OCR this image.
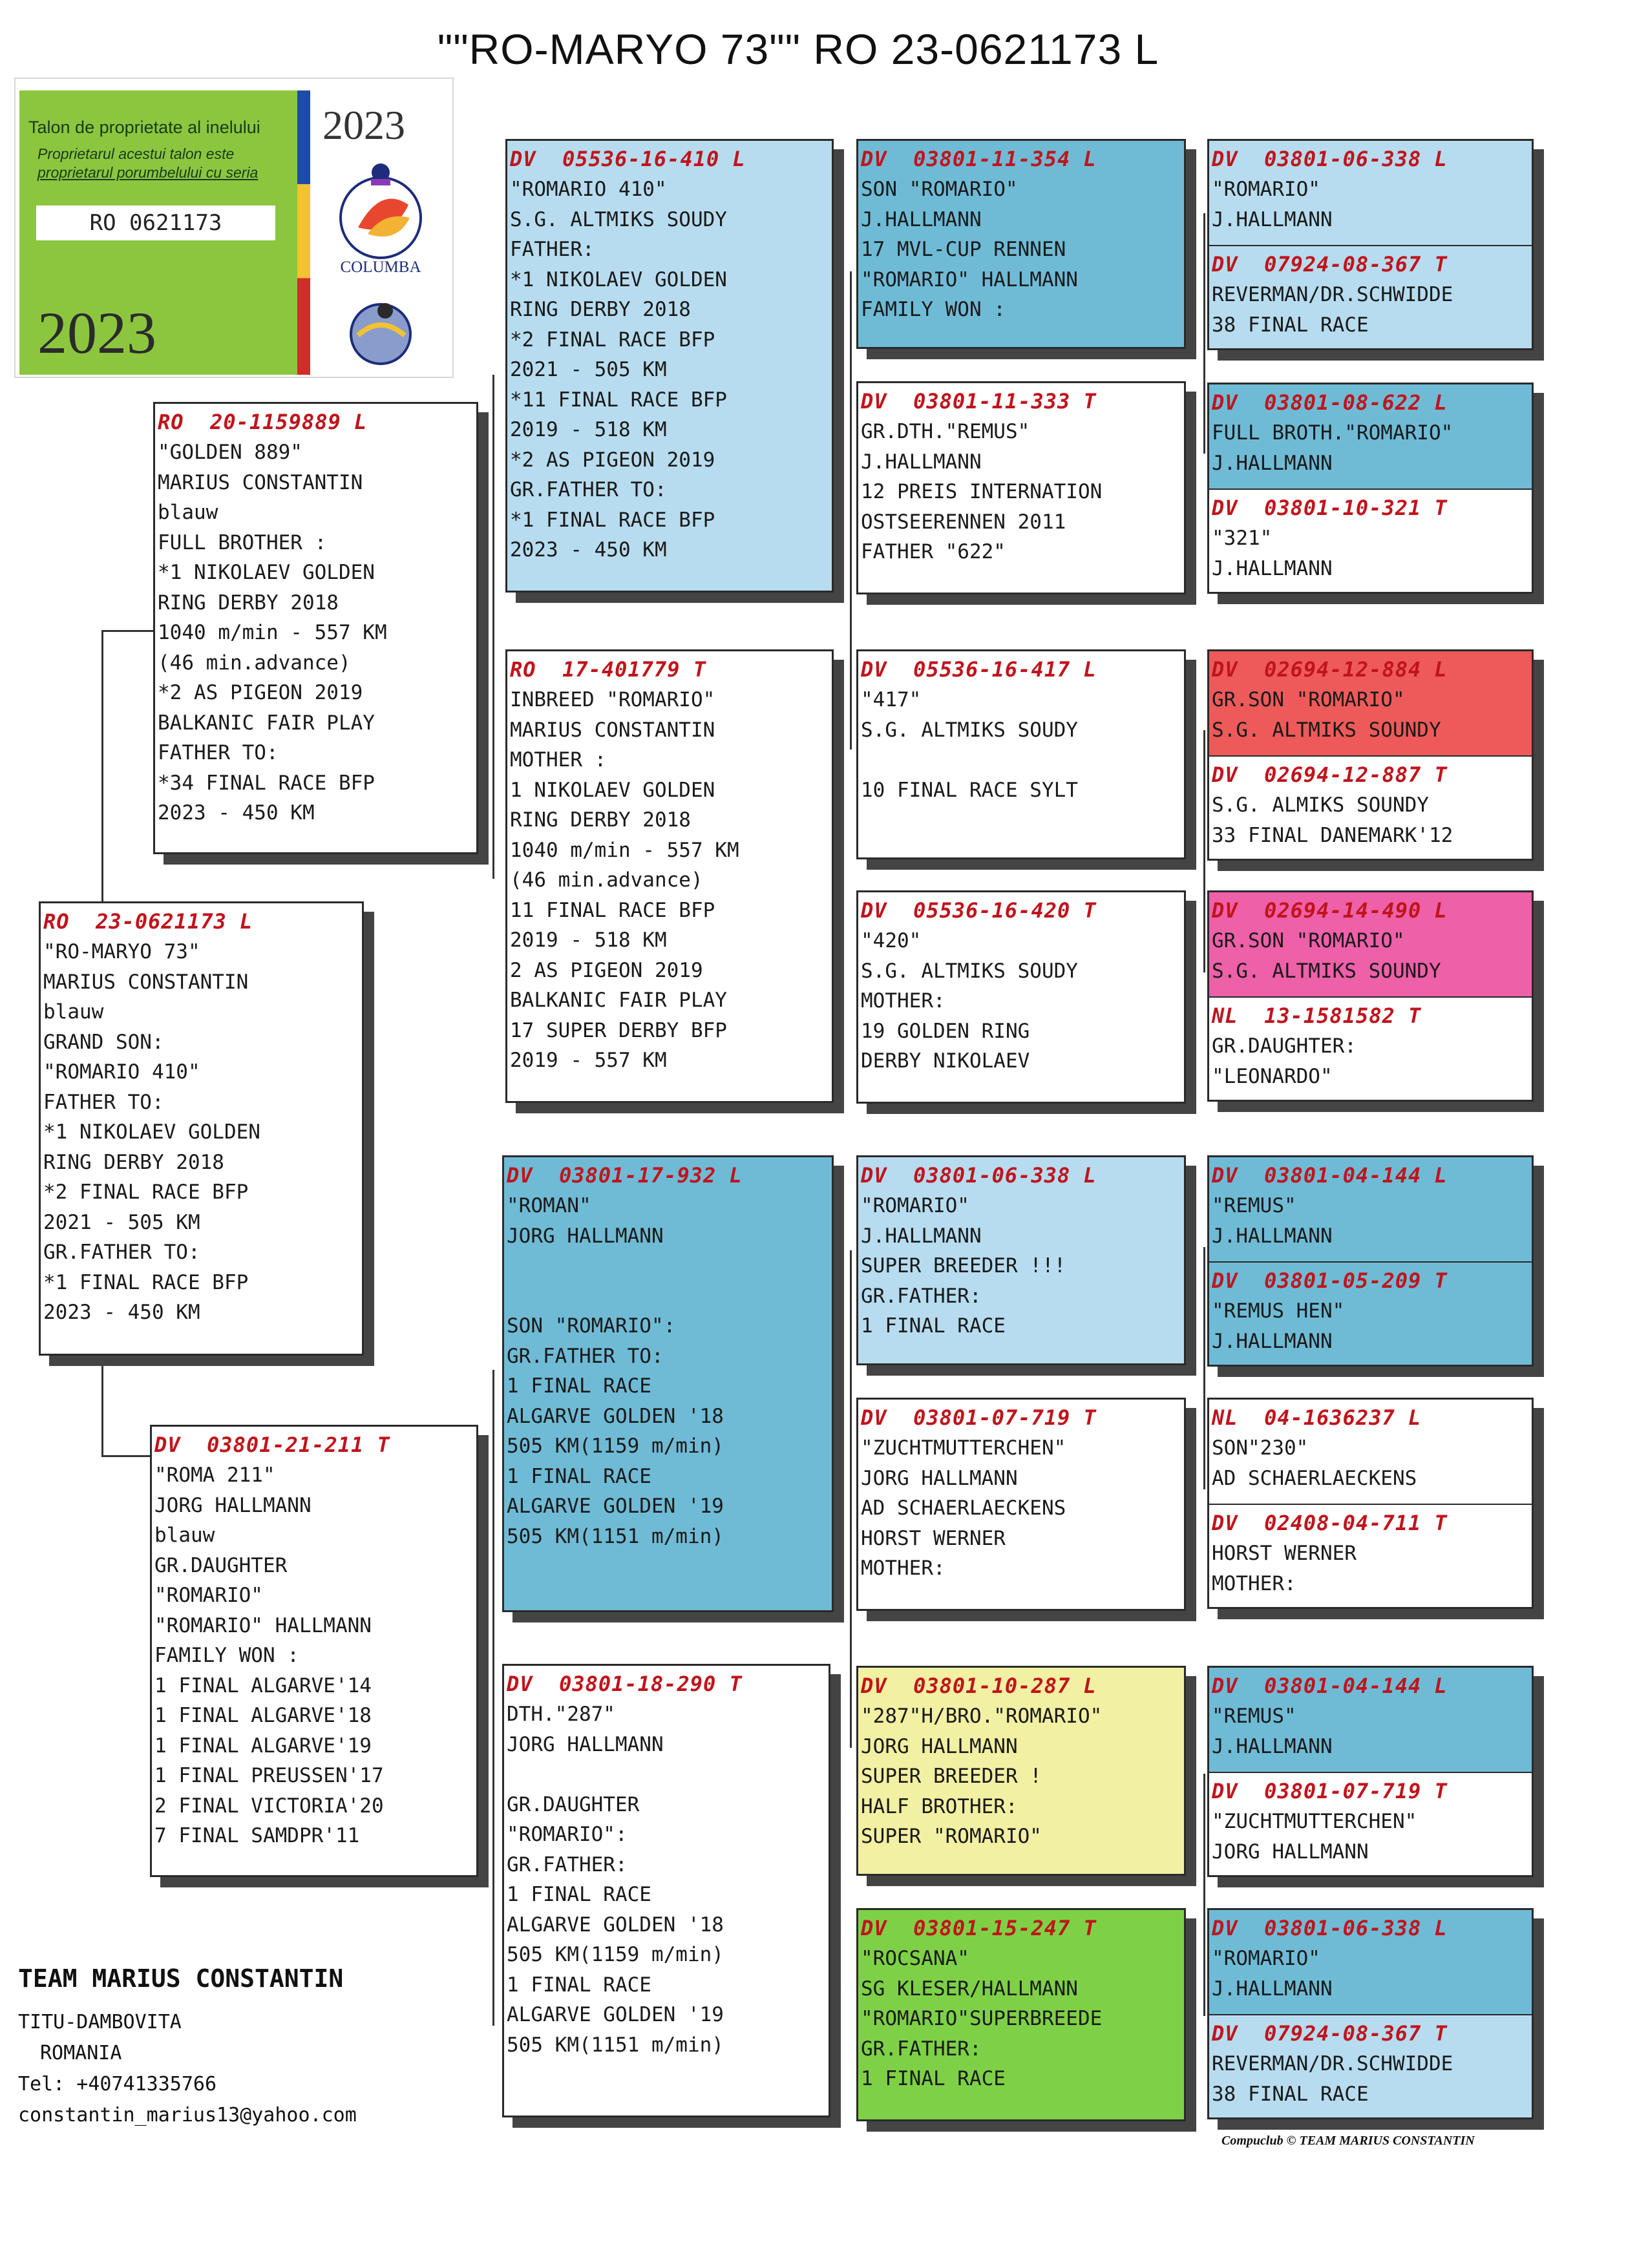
""RO-MARYO 73"" RO 23-0621173 L
Talon de proprietate al inelului
Proprietarul acestui talon este
proprietarul porumbelului cu seria
RO 0621173
2023
2023
COLUMBA
RO  23-0621173 L
"RO-MARYO 73"
MARIUS CONSTANTIN
blauw
GRAND SON:
"ROMARIO 410"
FATHER TO:
*1 NIKOLAEV GOLDEN
RING DERBY 2018
*2 FINAL RACE BFP
2021 - 505 KM
GR.FATHER TO:
*1 FINAL RACE BFP
2023 - 450 KM
RO  20-1159889 L
"GOLDEN 889"
MARIUS CONSTANTIN
blauw
FULL BROTHER :
*1 NIKOLAEV GOLDEN
RING DERBY 2018
1040 m/min - 557 KM
(46 min.advance)
*2 AS PIGEON 2019
BALKANIC FAIR PLAY
FATHER TO:
*34 FINAL RACE BFP
2023 - 450 KM
DV  03801-21-211 T
"ROMA 211"
JORG HALLMANN
blauw
GR.DAUGHTER
"ROMARIO"
"ROMARIO" HALLMANN
FAMILY WON :
1 FINAL ALGARVE'14
1 FINAL ALGARVE'18
1 FINAL ALGARVE'19
1 FINAL PREUSSEN'17
2 FINAL VICTORIA'20
7 FINAL SAMDPR'11
DV  05536-16-410 L
"ROMARIO 410"
S.G. ALTMIKS SOUDY
FATHER:
*1 NIKOLAEV GOLDEN
RING DERBY 2018
*2 FINAL RACE BFP
2021 - 505 KM
*11 FINAL RACE BFP
2019 - 518 KM
*2 AS PIGEON 2019
GR.FATHER TO:
*1 FINAL RACE BFP
2023 - 450 KM
RO  17-401779 T
INBREED "ROMARIO"
MARIUS CONSTANTIN
MOTHER :
1 NIKOLAEV GOLDEN
RING DERBY 2018
1040 m/min - 557 KM
(46 min.advance)
11 FINAL RACE BFP
2019 - 518 KM
2 AS PIGEON 2019
BALKANIC FAIR PLAY
17 SUPER DERBY BFP
2019 - 557 KM
DV  03801-17-932 L
"ROMAN"
JORG HALLMANN
SON "ROMARIO":
GR.FATHER TO:
1 FINAL RACE
ALGARVE GOLDEN '18
505 KM(1159 m/min)
1 FINAL RACE
ALGARVE GOLDEN '19
505 KM(1151 m/min)
DV  03801-18-290 T
DTH."287"
JORG HALLMANN
GR.DAUGHTER
"ROMARIO":
GR.FATHER:
1 FINAL RACE
ALGARVE GOLDEN '18
505 KM(1159 m/min)
1 FINAL RACE
ALGARVE GOLDEN '19
505 KM(1151 m/min)
DV  03801-11-354 L
SON "ROMARIO"
J.HALLMANN
17 MVL-CUP RENNEN
"ROMARIO" HALLMANN
FAMILY WON :
DV  03801-11-333 T
GR.DTH."REMUS"
J.HALLMANN
12 PREIS INTERNATION
OSTSEERENNEN 2011
FATHER "622"
DV  05536-16-417 L
"417"
S.G. ALTMIKS SOUDY
10 FINAL RACE SYLT
DV  05536-16-420 T
"420"
S.G. ALTMIKS SOUDY
MOTHER:
19 GOLDEN RING
DERBY NIKOLAEV
DV  03801-06-338 L
"ROMARIO"
J.HALLMANN
SUPER BREEDER !!!
GR.FATHER:
1 FINAL RACE
DV  03801-07-719 T
"ZUCHTMUTTERCHEN"
JORG HALLMANN
AD SCHAERLAECKENS
HORST WERNER
MOTHER:
DV  03801-10-287 L
"287"H/BRO."ROMARIO"
JORG HALLMANN
SUPER BREEDER !
HALF BROTHER:
SUPER "ROMARIO"
DV  03801-15-247 T
"ROCSANA"
SG KLESER/HALLMANN
"ROMARIO"SUPERBREEDE
GR.FATHER:
1 FINAL RACE
DV  03801-06-338 L
"ROMARIO"
J.HALLMANN
DV  07924-08-367 T
REVERMAN/DR.SCHWIDDE
38 FINAL RACE
DV  03801-08-622 L
FULL BROTH."ROMARIO"
J.HALLMANN
DV  03801-10-321 T
"321"
J.HALLMANN
DV  02694-12-884 L
GR.SON "ROMARIO"
S.G. ALTMIKS SOUNDY
DV  02694-12-887 T
S.G. ALMIKS SOUNDY
33 FINAL DANEMARK'12
DV  02694-14-490 L
GR.SON "ROMARIO"
S.G. ALTMIKS SOUNDY
NL  13-1581582 T
GR.DAUGHTER:
"LEONARDO"
DV  03801-04-144 L
"REMUS"
J.HALLMANN
DV  03801-05-209 T
"REMUS HEN"
J.HALLMANN
NL  04-1636237 L
SON"230"
AD SCHAERLAECKENS
DV  02408-04-711 T
HORST WERNER
MOTHER:
DV  03801-04-144 L
"REMUS"
J.HALLMANN
DV  03801-07-719 T
"ZUCHTMUTTERCHEN"
JORG HALLMANN
DV  03801-06-338 L
"ROMARIO"
J.HALLMANN
DV  07924-08-367 T
REVERMAN/DR.SCHWIDDE
38 FINAL RACE
TEAM MARIUS CONSTANTIN
TITU-DAMBOVITA
ROMANIA
Tel: +40741335766
constantin_marius13@yahoo.com
Compuclub © TEAM MARIUS CONSTANTIN
